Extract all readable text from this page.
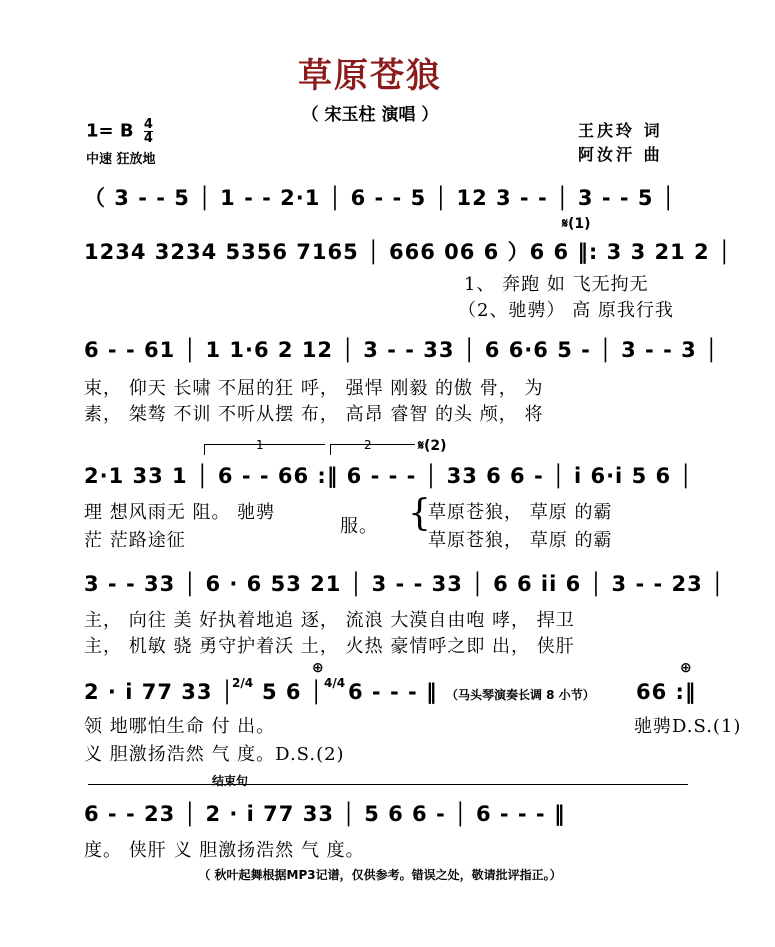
草原苍狼
（ 宋玉柱 演唱 ）
1= B $\frac{4}{4}$
中速 狂放地
王庆玲 词
阿汝汗 曲
（ 3 - - 5 │ 1 - - 2·1 │ 6 - - 5 │ 12 3 - - │ 3 - - 5 │
𝄋(1)
1234 3234 5356 7165 │ 666 06 6 ）6 6 ‖: 3 3 21 2 │
1、 奔跑 如 飞无拘无
（2、驰骋） 高 原我行我
6 - - 61 │ 1 1·6 2 12 │ 3 - - 33 │ 6 6·6 5 - │ 3 - - 3 │
束， 仰天 长啸 不屈的狂 呼， 强悍 刚毅 的傲 骨， 为
素， 桀骜 不训 不听从摆 布， 高昂 睿智 的头 颅， 将
1	2	𝄋(2)
2·1 33 1 │ 6 - - 66 :‖ 6 - - - │ 33 6 6 - │ i 6·i 5 6 │
理 想风雨无 阻。 驰骋
茫 茫路途征
服。 {
草原苍狼， 草原 的霸
草原苍狼， 草原 的霸
3 - - 33 │ 6 · 6 53 21 │ 3 - - 33 │ 6 6 ii 6 │ 3 - - 23 │
主， 向往 美 好执着地追 逐， 流浪 大漠自由咆 哮， 捍卫
主， 机敏 骁 勇守护着沃 土， 火热 豪情呼之即 出， 侠肝
⊕	⊕
2 · i 77 33 │
2/4 5 6 │ 4/4 6 - - - ‖ （马头琴演奏长调 8 小节） 66 :‖
领 地哪怕生命 付 出。
义 胆激扬浩然 气 度。D.S.(2)
驰骋D.S.(1)
结束句
6 - - 23 │ 2 · i 77 33 │ 5 6 6 - │ 6 - - - ‖
度。 侠肝 义 胆激扬浩然 气 度。
（ 秋叶起舞根据MP3记谱，仅供参考。错误之处，敬请批评指正。）
